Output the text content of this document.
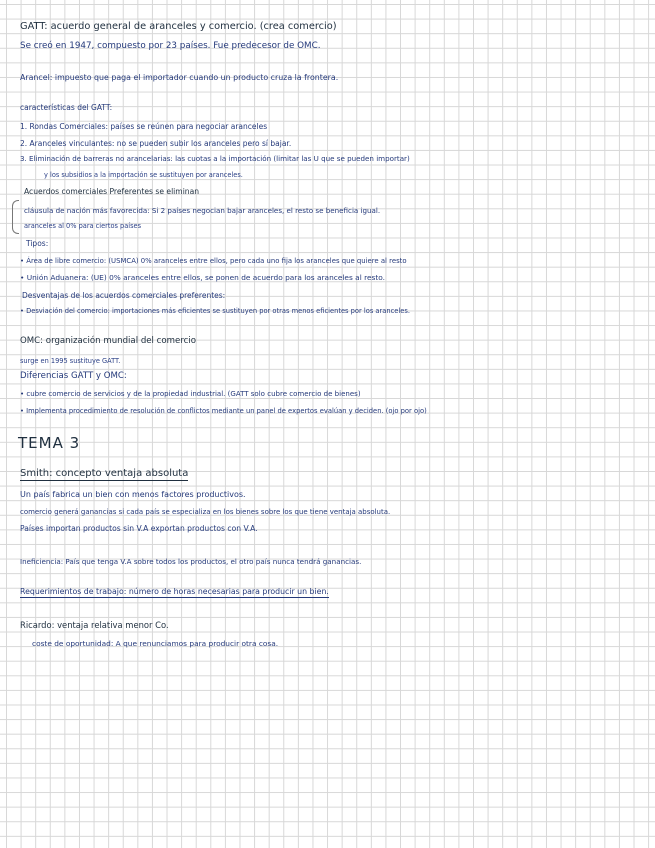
GATT: acuerdo general de aranceles y comercio. (crea comercio)
Se creó en 1947, compuesto por 23 países. Fue predecesor de OMC.
Arancel: impuesto que paga el importador cuando un producto cruza la frontera.
características del GATT:
1. Rondas Comerciales: países se reúnen para negociar aranceles
2. Aranceles vinculantes: no se pueden subir los aranceles pero sí bajar.
3. Eliminación de barreras no arancelarias: las cuotas a la importación (limitar las U que se pueden importar)
y los subsidios a la importación se sustituyen por aranceles.
Acuerdos comerciales Preferentes se eliminan
cláusula de nación más favorecida: Si 2 países negocian bajar aranceles, el resto se beneficia igual.
aranceles al 0% para ciertos países
Tipos:
• Área de libre comercio: (USMCA) 0% aranceles entre ellos, pero cada uno fija los aranceles que quiere al resto
• Unión Aduanera: (UE) 0% aranceles entre ellos, se ponen de acuerdo para los aranceles al resto.
Desventajas de los acuerdos comerciales preferentes:
• Desviación del comercio: importaciones más eficientes se sustituyen por otras menos eficientes por los aranceles.
OMC: organización mundial del comercio
surge en 1995 sustituye GATT.
Diferencias GATT y OMC:
• cubre comercio de servicios y de la propiedad industrial. (GATT solo cubre comercio de bienes)
• Implementa procedimiento de resolución de conflictos mediante un panel de expertos evalúan y deciden. (ojo por ojo)
TEMA 3
Smith: concepto ventaja absoluta
Un país fabrica un bien con menos factores productivos.
comercio generá ganancias si cada país se especializa en los bienes sobre los que tiene ventaja absoluta.
Países importan productos sin V.A exportan productos con V.A.
Ineficiencia: País que tenga V.A sobre todos los productos, el otro país nunca tendrá ganancias.
Requerimientos de trabajo: número de horas necesarias para producir un bien.
Ricardo: ventaja relativa menor Co.
coste de oportunidad: A que renunciamos para producir otra cosa.
